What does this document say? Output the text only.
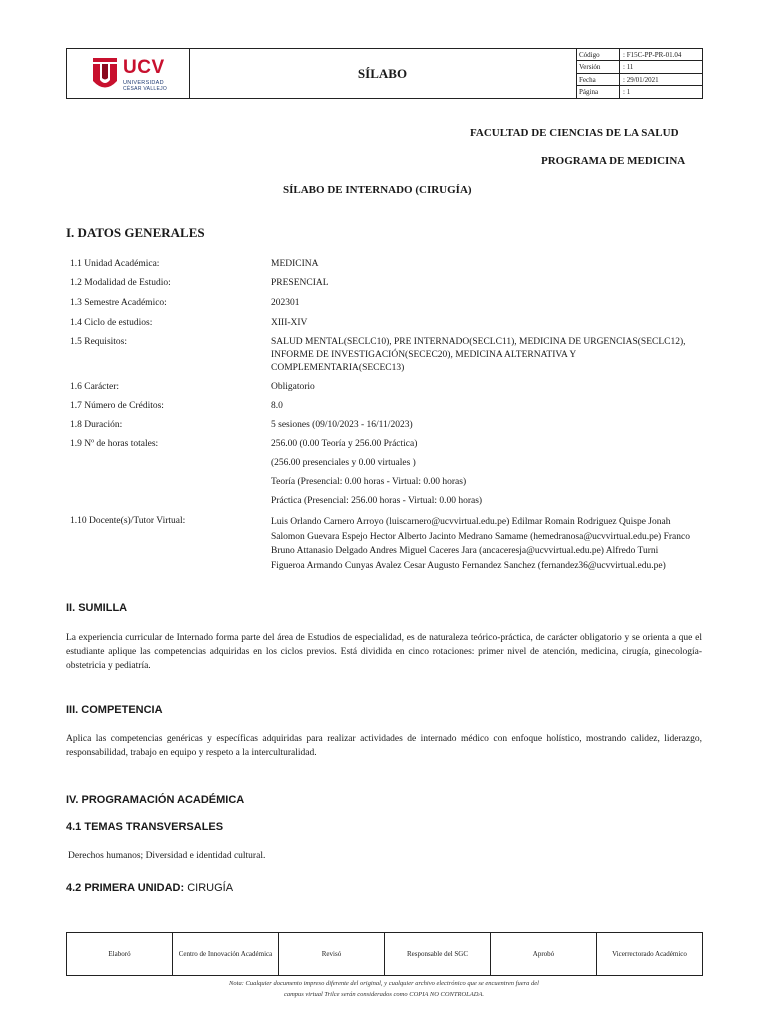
UCV
UNIVERSIDAD
CÉSAR VALLEJO
SÍLABO
Código	: F15C-PP-PR-01.04
Versión	: 11
Fecha	: 29/01/2021
Página	: 1
FACULTAD DE CIENCIAS DE LA SALUD
PROGRAMA DE MEDICINA
SÍLABO DE INTERNADO (CIRUGÍA)
I. DATOS GENERALES
1.1 Unidad Académica:	MEDICINA
1.2 Modalidad de Estudio:	PRESENCIAL
1.3 Semestre Académico:	202301
1.4 Ciclo de estudios:	XIII-XIV
1.5 Requisitos:	SALUD MENTAL(SECLC10), PRE INTERNADO(SECLC11), MEDICINA DE URGENCIAS(SECLC12), INFORME DE INVESTIGACIÓN(SECEC20), MEDICINA ALTERNATIVA Y COMPLEMENTARIA(SECEC13)
1.6 Carácter:	Obligatorio
1.7 Número de Créditos:	8.0
1.8 Duración:	5 sesiones (09/10/2023 - 16/11/2023)
1.9 Nº de horas totales:	256.00 (0.00 Teoría y 256.00 Práctica)
(256.00 presenciales y 0.00 virtuales )
Teoría (Presencial: 0.00 horas - Virtual: 0.00 horas)
Práctica (Presencial: 256.00 horas - Virtual: 0.00 horas)
1.10 Docente(s)/Tutor Virtual:	Luis Orlando Carnero Arroyo (luiscarnero@ucvvirtual.edu.pe) Edilmar Romain Rodriguez Quispe Jonah Salomon Guevara Espejo Hector Alberto Jacinto Medrano Samame (hemedranosa@ucvvirtual.edu.pe) Franco Bruno Attanasio Delgado Andres Miguel Caceres Jara (ancaceresja@ucvvirtual.edu.pe) Alfredo Turni Figueroa Armando Cunyas Avalez Cesar Augusto Fernandez Sanchez (fernandez36@ucvvirtual.edu.pe)
II. SUMILLA
La experiencia curricular de Internado forma parte del área de Estudios de especialidad, es de naturaleza teórico-práctica, de carácter obligatorio y se orienta a que el estudiante aplique las competencias adquiridas en los ciclos previos. Está dividida en cinco rotaciones: primer nivel de atención, medicina, cirugía, ginecología-obstetricia y pediatría.
III. COMPETENCIA
Aplica las competencias genéricas y específicas adquiridas para realizar actividades de internado médico con enfoque holístico, mostrando calidez, liderazgo, responsabilidad, trabajo en equipo y respeto a la interculturalidad.
IV. PROGRAMACIÓN ACADÉMICA
4.1 TEMAS TRANSVERSALES
Derechos humanos; Diversidad e identidad cultural.
4.2 PRIMERA UNIDAD: CIRUGÍA
Elaboró	Centro de Innovación Académica	Revisó	Responsable del SGC	Aprobó	Vicerrectorado Académico
Nota: Cualquier documento impreso diferente del original, y cualquier archivo electrónico que se encuentren fuera del
campus virtual Trilce serán considerados como COPIA NO CONTROLADA.
